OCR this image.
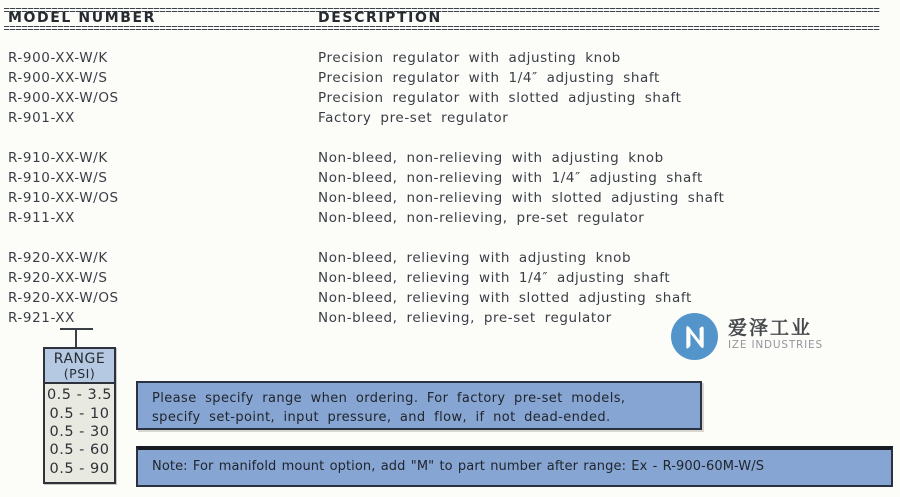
MODEL NUMBER	DESCRIPTION
R-900-XX-W/K	Precision regulator with adjusting knob
R-900-XX-W/S	Precision regulator with 1/4″ adjusting shaft
R-900-XX-W/OS	Precision regulator with slotted adjusting shaft
R-901-XX	Factory pre-set regulator
R-910-XX-W/K	Non-bleed, non-relieving with adjusting knob
R-910-XX-W/S	Non-bleed, non-relieving with 1/4″ adjusting shaft
R-910-XX-W/OS	Non-bleed, non-relieving with slotted adjusting shaft
R-911-XX	Non-bleed, non-relieving, pre-set regulator
R-920-XX-W/K	Non-bleed, relieving with adjusting knob
R-920-XX-W/S	Non-bleed, relieving with 1/4″ adjusting shaft
R-920-XX-W/OS	Non-bleed, relieving with slotted adjusting shaft
R-921-XX	Non-bleed, relieving, pre-set regulator
RANGE
(PSI)
0.5 - 3.5
0.5 - 10
0.5 - 30
0.5 - 60
0.5 - 90
Please specify range when ordering. For factory pre-set models,
specify set-point, input pressure, and flow, if not dead-ended.
Note: For manifold mount option, add "M" to part number after range: Ex - R-900-60M-W/S
爱泽工业
IZE INDUSTRIES
